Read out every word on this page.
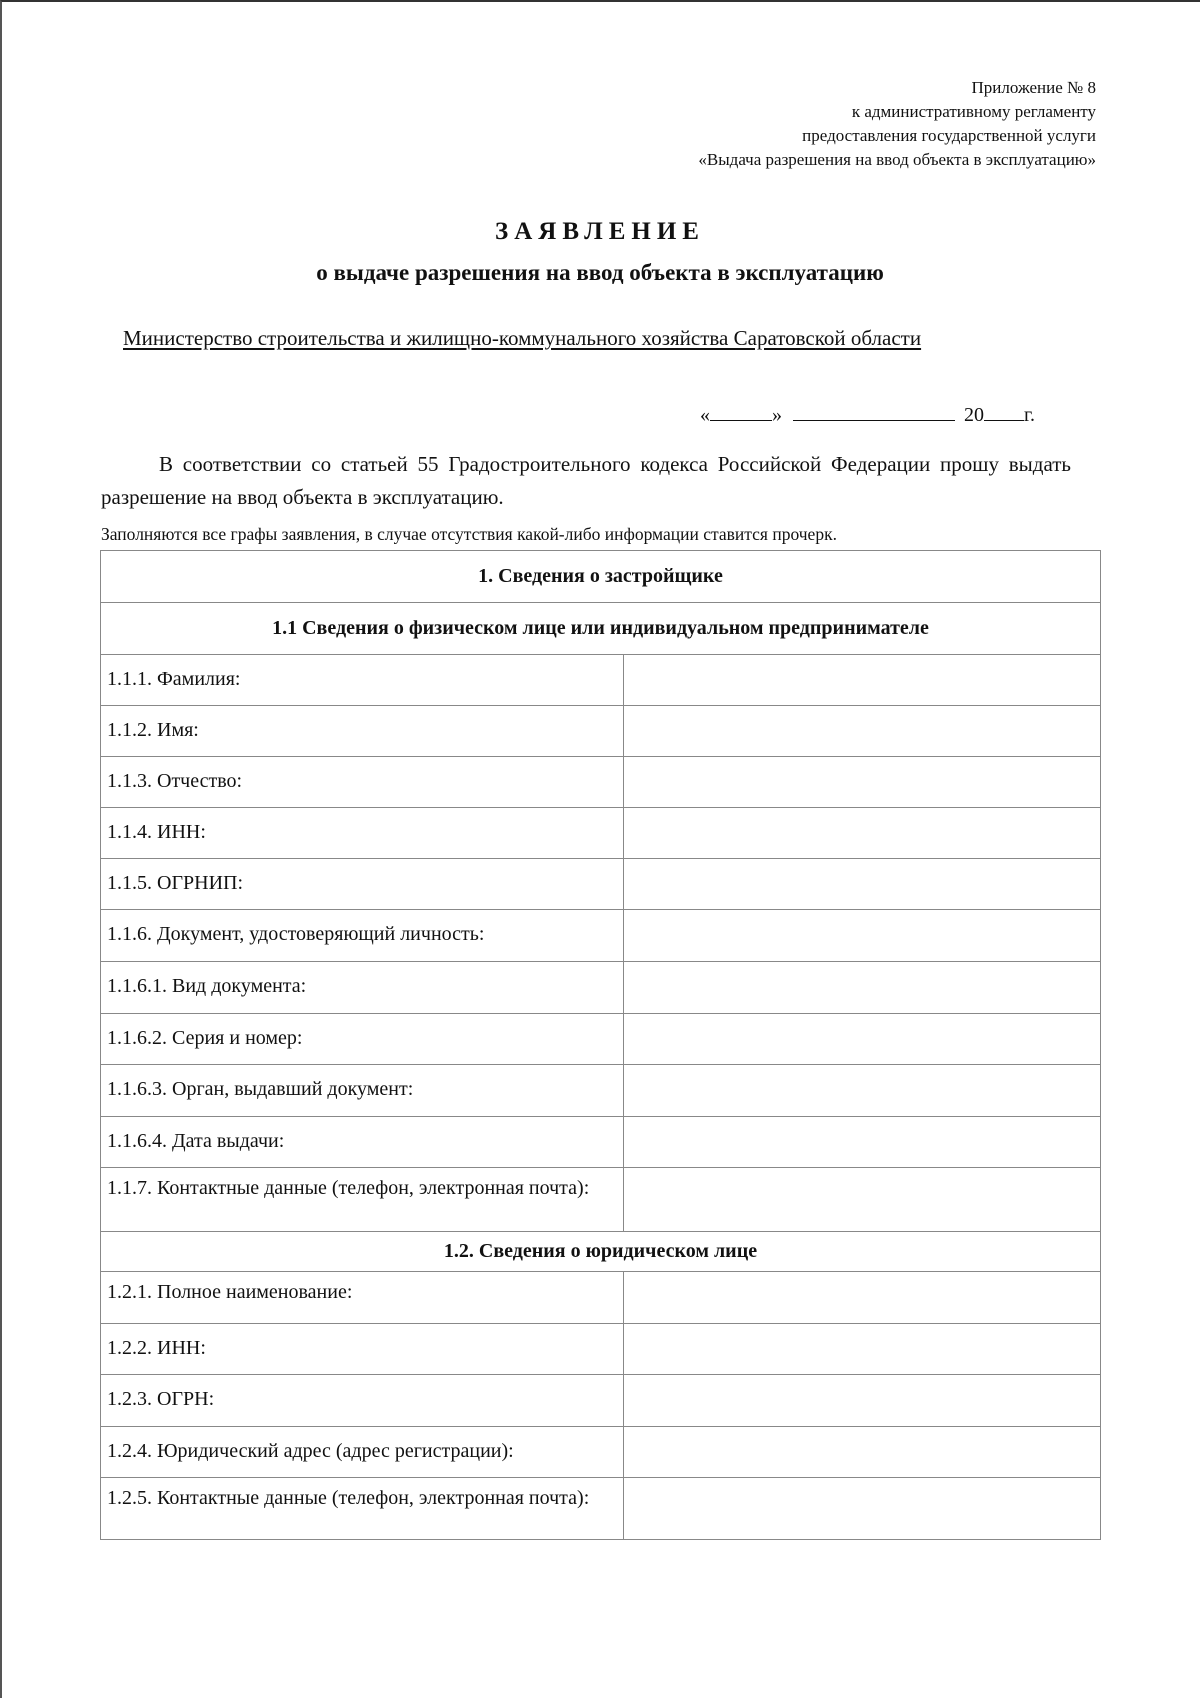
Приложение № 8
к административному регламенту
предоставления государственной услуги
«Выдача разрешения на ввод объекта в эксплуатацию»
ЗАЯВЛЕНИЕ
о выдаче разрешения на ввод объекта в эксплуатацию
Министерство строительства и жилищно-коммунального хозяйства Саратовской области
«	»	20 г.
В соответствии со статьей 55 Градостроительного кодекса Российской Федерации прошу выдать разрешение на ввод объекта в эксплуатацию.
Заполняются все графы заявления, в случае отсутствия какой-либо информации ставится прочерк.
1. Сведения о застройщике	
1.1 Сведения о физическом лице или индивидуальном предпринимателе	
1.1.1. Фамилия:	
1.1.2. Имя:	
1.1.3. Отчество:	
1.1.4. ИНН:	
1.1.5. ОГРНИП:	
1.1.6. Документ, удостоверяющий личность:	
1.1.6.1. Вид документа:	
1.1.6.2. Серия и номер:	
1.1.6.3. Орган, выдавший документ:	
1.1.6.4. Дата выдачи:	
1.1.7. Контактные данные (телефон, электронная почта):	
1.2. Сведения о юридическом лице	
1.2.1. Полное наименование:	
1.2.2. ИНН:	
1.2.3. ОГРН:	
1.2.4. Юридический адрес (адрес регистрации):	
1.2.5. Контактные данные (телефон, электронная почта):	
